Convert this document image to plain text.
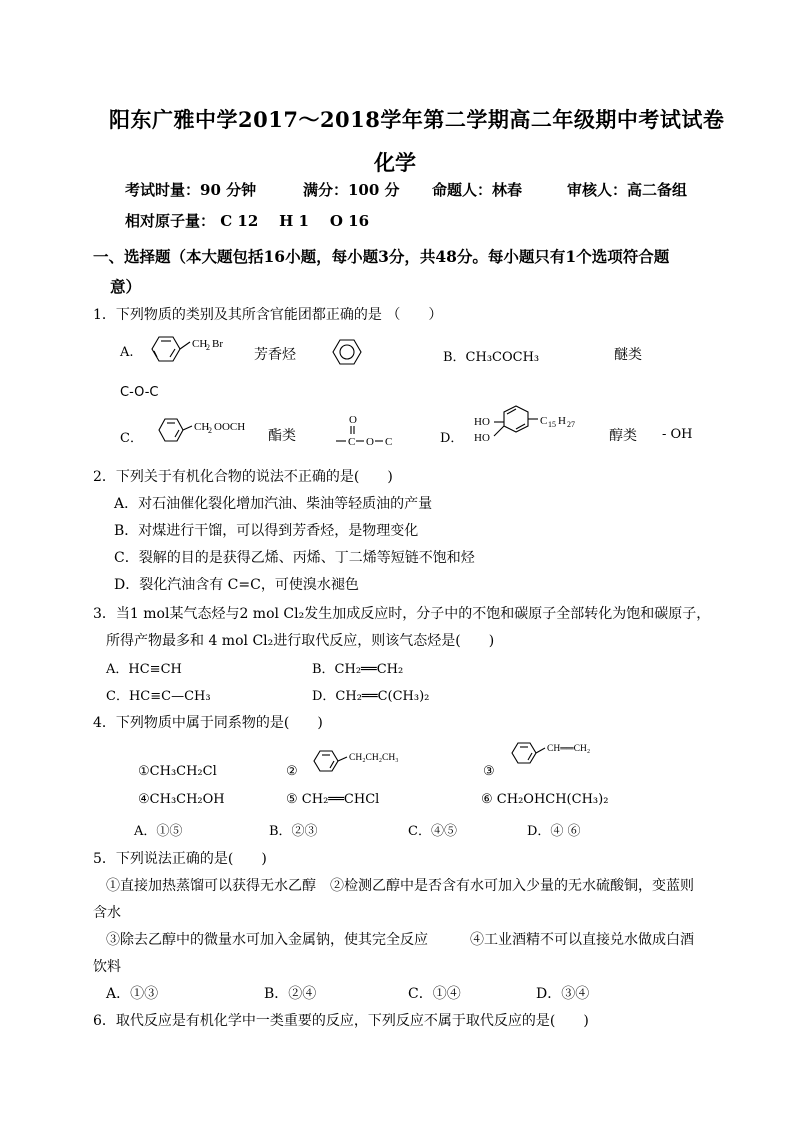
阳东广雅中学2017～2018学年第二学期高二年级期中考试试卷
化学
考试时量：90 分钟	满分：100 分 命题人：林春	审核人：高二备组
相对原子量： C 12    H 1    O 16
一、选择题（本大题包括16小题，每小题3分，共48分。每小题只有1个选项符合题
意）
1．下列物质的类别及其所含官能团都正确的是 （　　）
A.
CH
2 Br
芳香烃	B．CH₃COCH₃	醚类
C-O-C
C．
CH
2 OOCH
酯类
O
C O C	D．
HO
HO
C 15 H 27
醇类 - OH
2．下列关于有机化合物的说法不正确的是(　　)
A．对石油催化裂化增加汽油、柴油等轻质油的产量
B．对煤进行干馏，可以得到芳香烃，是物理变化
C．裂解的目的是获得乙烯、丙烯、丁二烯等短链不饱和烃
D．裂化汽油含有 C=C，可使溴水褪色
3．当1 mol某气态烃与2 mol Cl₂发生加成反应时，分子中的不饱和碳原子全部转化为饱和碳原子，
所得产物最多和 4 mol Cl₂进行取代反应，则该气态烃是(　　)
A．HC≡CH	B．CH₂══CH₂
C．HC≡C—CH₃	D．CH₂══C(CH₃)₂
4．下列物质中属于同系物的是(　　)
①CH₃CH₂Cl	②
CH₂CH₂CH₃
③
CH══CH₂
④CH₃CH₂OH	⑤ CH₂══CHCl	⑥ CH₂OHCH(CH₃)₂
A．①⑤	B．②③	C．④⑤	D．④ ⑥
5．下列说法正确的是(　　)
①直接加热蒸馏可以获得无水乙醇　②检测乙醇中是否含有水可加入少量的无水硫酸铜，变蓝则
含水
③除去乙醇中的微量水可加入金属钠，使其完全反应　　　④工业酒精不可以直接兑水做成白酒
饮料
A．①③	B．②④	C．①④	D．③④
6．取代反应是有机化学中一类重要的反应，下列反应不属于取代反应的是(　　)
